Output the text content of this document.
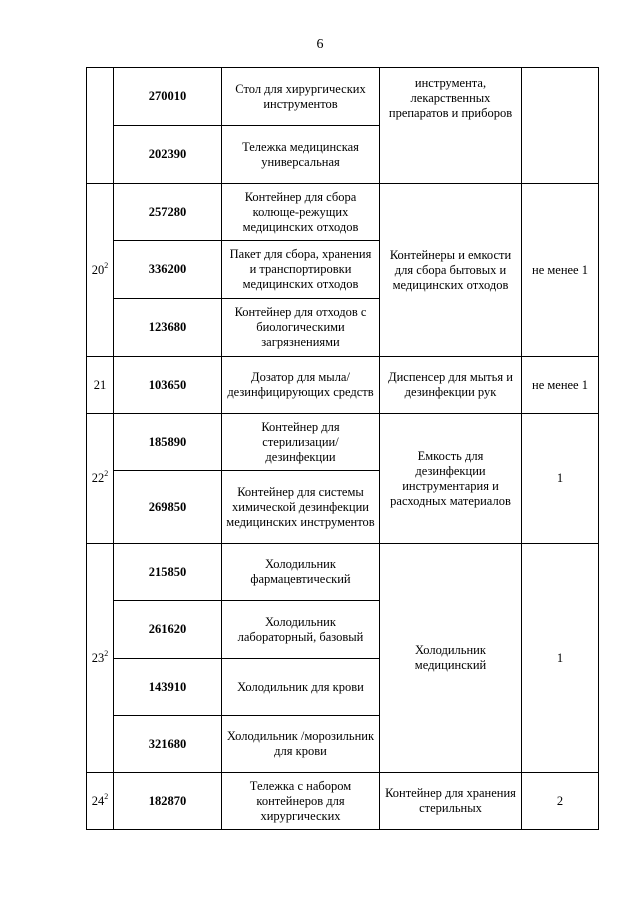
6
	270010	Стол для хирургических инструментов	инструмента, лекарственных препаратов и приборов	
	202390	Тележка медицинская универсальная		
$20^2$	257280	Контейнер для сбора колюще-режущих медицинских отходов	Контейнеры и емкости для сбора бытовых и медицинских отходов	не менее 1
	336200	Пакет для сбора, хранения и транспортировки медицинских отходов		
	123680	Контейнер для отходов с биологическими загрязнениями		
21	103650	Дозатор для мыла/ дезинфицирующих средств	Диспенсер для мытья и дезинфекции рук	не менее 1
$22^2$	185890	Контейнер для стерилизации/ дезинфекции	Емкость для дезинфекции инструментария и расходных материалов	1
	269850	Контейнер для системы химической дезинфекции медицинских инструментов		
$23^2$	215850	Холодильник фармацевтический	Холодильник медицинский	1
	261620	Холодильник лабораторный, базовый		
	143910	Холодильник для крови		
	321680	Холодильник /морозильник для крови		
$24^2$	182870	Тележка с набором контейнеров для хирургических	Контейнер для хранения стерильных	2
